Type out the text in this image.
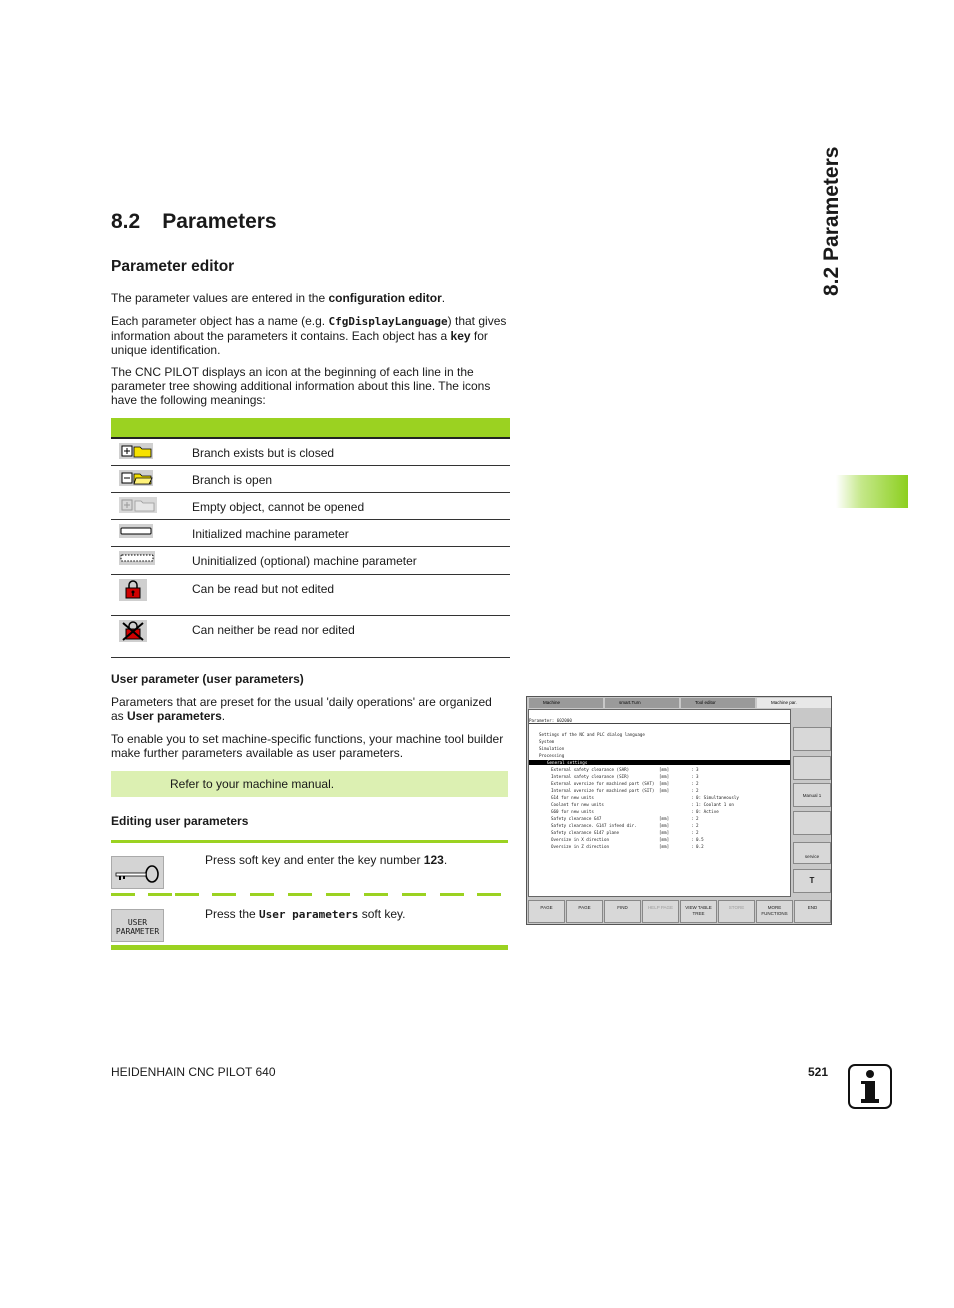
8.2 Parameters
8.2 Parameters
Parameter editor
The parameter values are entered in the configuration editor.
Each parameter object has a name (e.g. CfgDisplayLanguage) that gives information about the parameters it contains. Each object has a key for unique identification.
The CNC PILOT displays an icon at the beginning of each line in the parameter tree showing additional information about this line. The icons have the following meanings:

	Branch exists but is closed
	Branch is open
	Empty object, cannot be opened
	Initialized machine parameter
	Uninitialized (optional) machine parameter
	Can be read but not edited
	Can neither be read nor edited
User parameter (user parameters)
Parameters that are preset for the usual 'daily operations' are organized as User parameters.
To enable you to set machine-specific functions, your machine tool builder make further parameters available as user parameters.
Refer to your machine manual.
Editing user parameters
Press soft key and enter the key number 123.
USER
PARAMETER
Press the User parameters soft key.
Machine	smart.Turn	Tool editor	Machine par.
Parameter: 602000
Settings of the NC and PLC dialog language
System
Simulation
Processing
General settings
External safety clearance (SAR)	[mm]	: 3
Internal safety clearance (SIR)	[mm]	: 3
External oversize for machined part (SAT) [mm]	: 2
Internal oversize for machined part (SIT) [mm]	: 2
G14 for new units	: 0: Simultaneously
Coolant for new units	: 1: Coolant 1 on
G60 for new units	: 0: Active
Safety clearance G47	[mm]	: 2
Safety clearance. G147 infeed dir.	[mm]	: 2
Safety clearance G147 plane	[mm]	: 2
Oversize in X direction	[mm]	: 0.5
Oversize in Z direction	[mm]	: 0.2
Manual 1
service
T
PAGE	PAGE	FIND	HELP PAGE	VIEW TABLE TREE
STORE	MORE FUNCTIONS
END
HEIDENHAIN CNC PILOT 640	521
